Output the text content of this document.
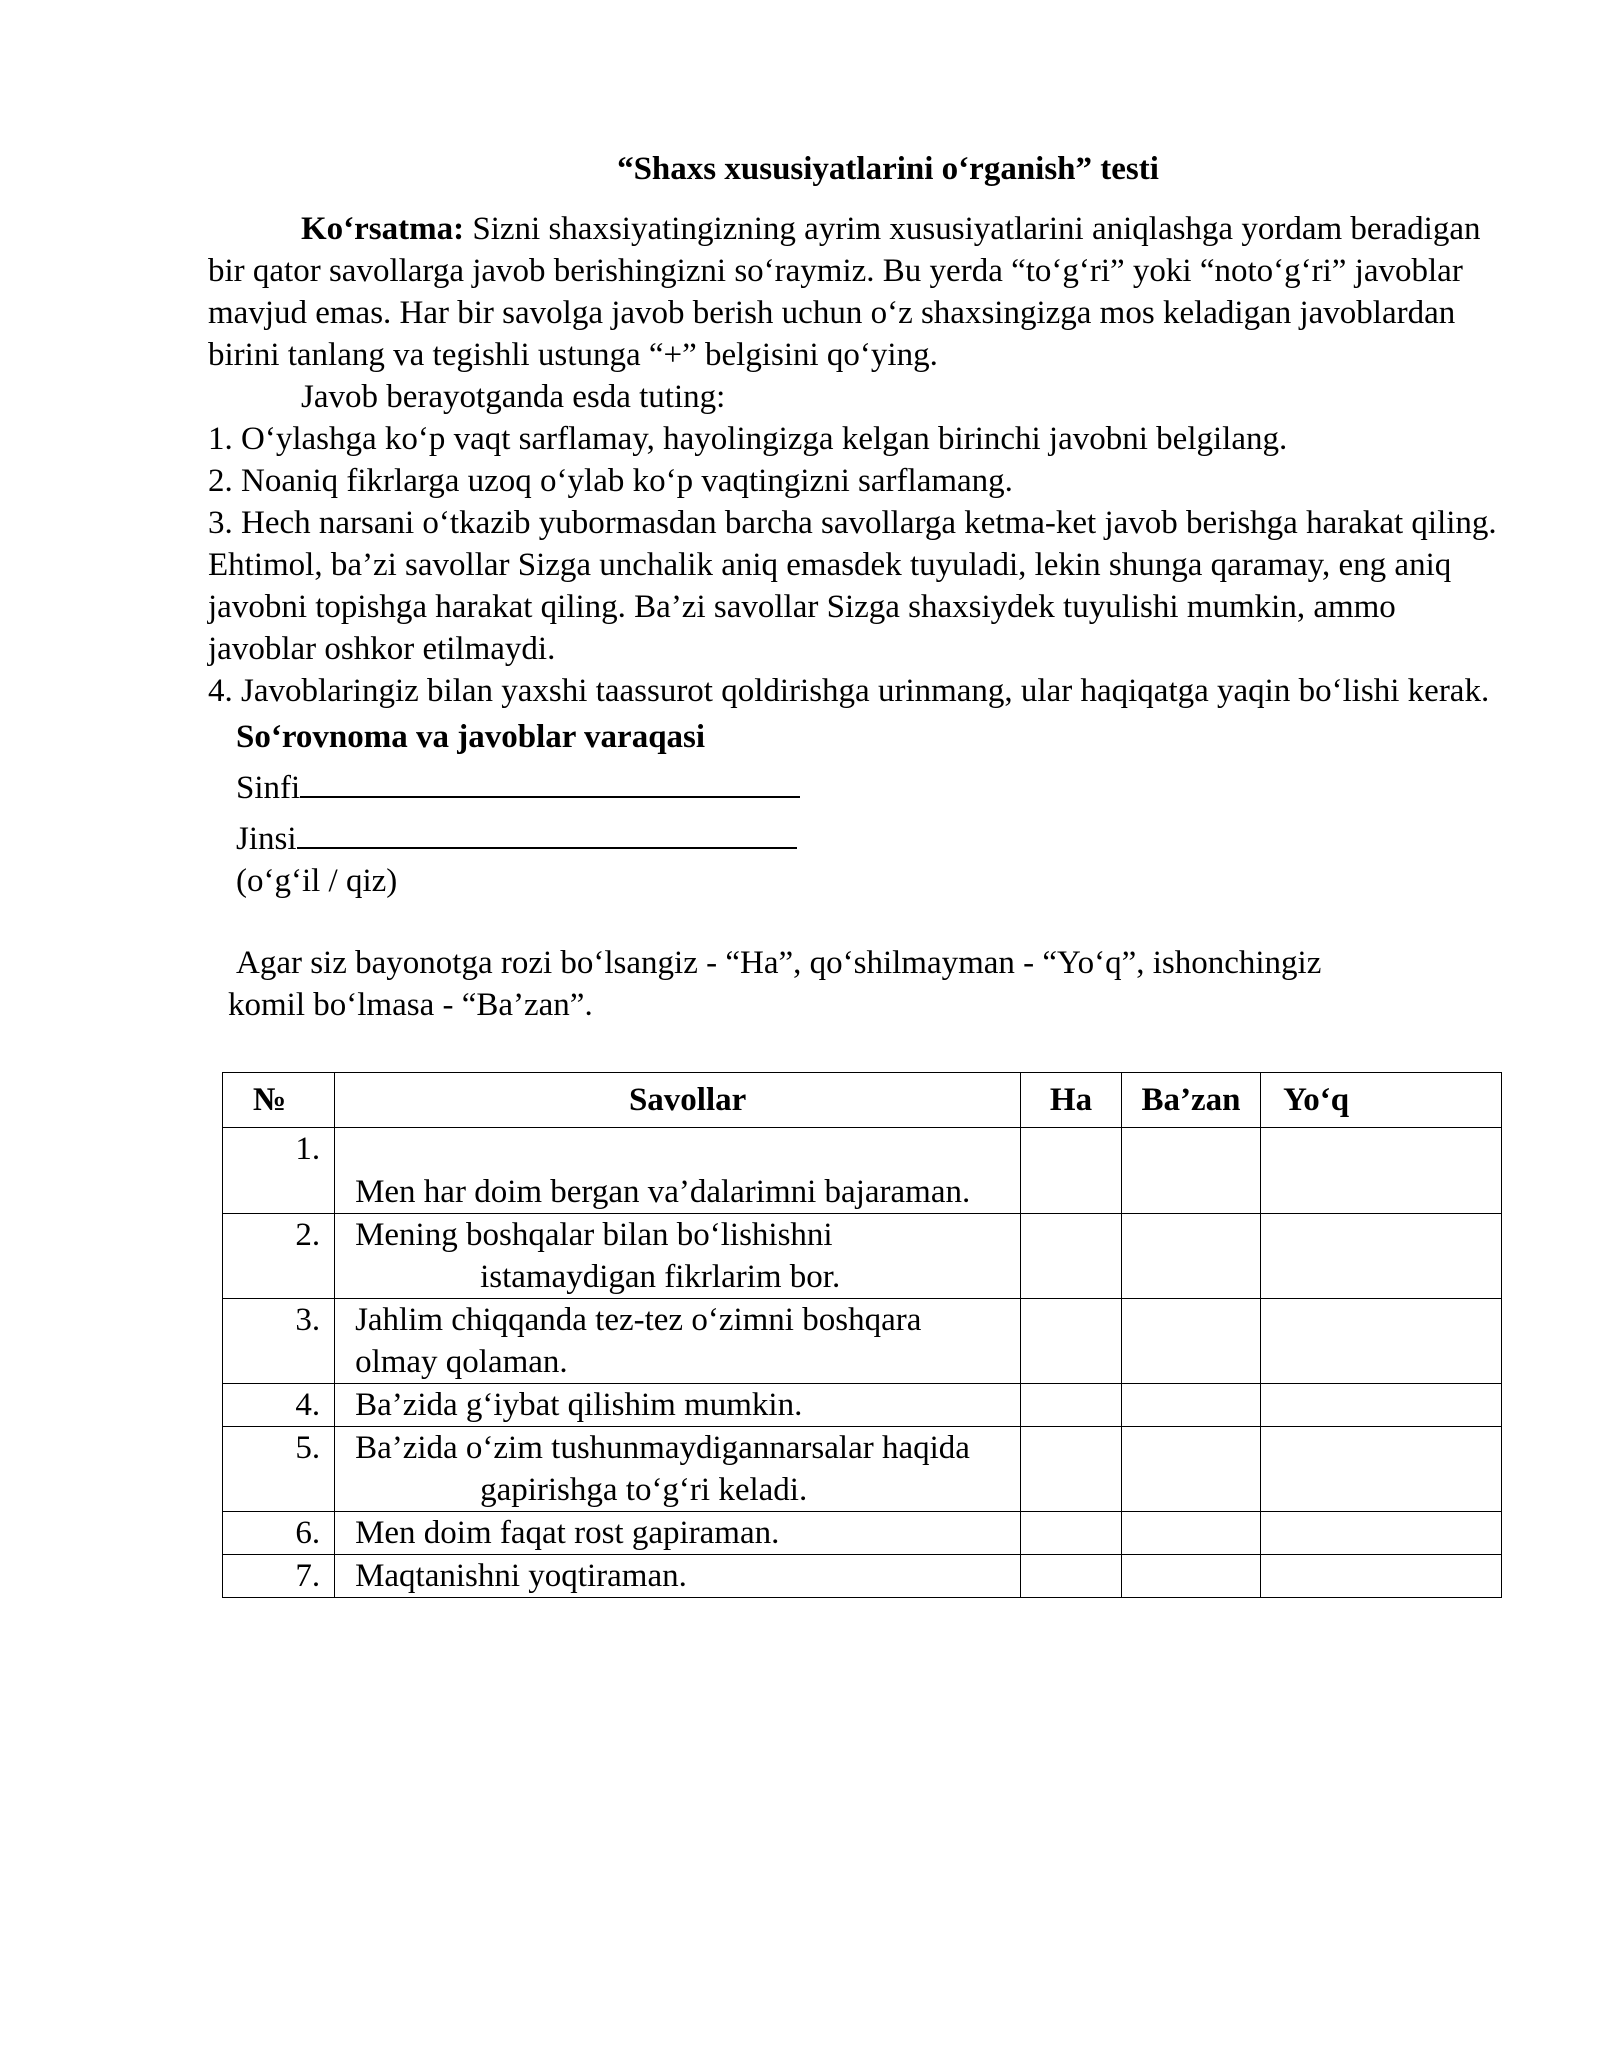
“Shaxs xususiyatlarini o‘rganish” testi

Ko‘rsatma: Sizni shaxsiyatingizning ayrim xususiyatlarini aniqlashga yordam beradigan bir qator savollarga javob berishingizni so‘raymiz. Bu yerda “to‘g‘ri” yoki “noto‘g‘ri” javoblar mavjud emas. Har bir savolga javob berish uchun o‘z shaxsingizga mos keladigan javoblardan birini tanlang va tegishli ustunga “+” belgisini qo‘ying.

Javob berayotganda esda tuting:

1. O‘ylashga ko‘p vaqt sarflamay, hayolingizga kelgan birinchi javobni belgilang.

2. Noaniq fikrlarga uzoq o‘ylab ko‘p vaqtingizni sarflamang.

3. Hech narsani o‘tkazib yubormasdan barcha savollarga ketma-ket javob berishga harakat qiling. Ehtimol, ba’zi savollar Sizga unchalik aniq emasdek tuyuladi, lekin shunga qaramay, eng aniq javobni topishga harakat qiling. Ba’zi savollar Sizga shaxsiydek tuyulishi mumkin, ammo javoblar oshkor etilmaydi.

4. Javoblaringiz bilan yaxshi taassurot qoldirishga urinmang, ular haqiqatga yaqin bo‘lishi kerak.

So‘rovnoma va javoblar varaqasi

Sinfi

Jinsi

(o‘g‘il / qiz)

Agar siz bayonotga rozi bo‘lsangiz - “Ha”, qo‘shilmayman - “Yo‘q”, ishonchingiz

komil bo‘lmasa - “Ba’zan”.

№	Savollar	Ha	Ba’zan	Yo‘q
1.	Men har doim bergan va’dalarimni bajaraman.			
2.	Mening boshqalar bilan bo‘lishishni
istamaydigan fikrlarim bor.			

3.	Jahlim chiqqanda tez-tez o‘zimni boshqara
olmay qolaman.			

4.	Ba’zida g‘iybat qilishim mumkin.			
5.	Ba’zida o‘zim tushunmaydigannarsalar haqida
gapirishga to‘g‘ri keladi.			

6.	Men doim faqat rost gapiraman.			
7.	Maqtanishni yoqtiraman.			
